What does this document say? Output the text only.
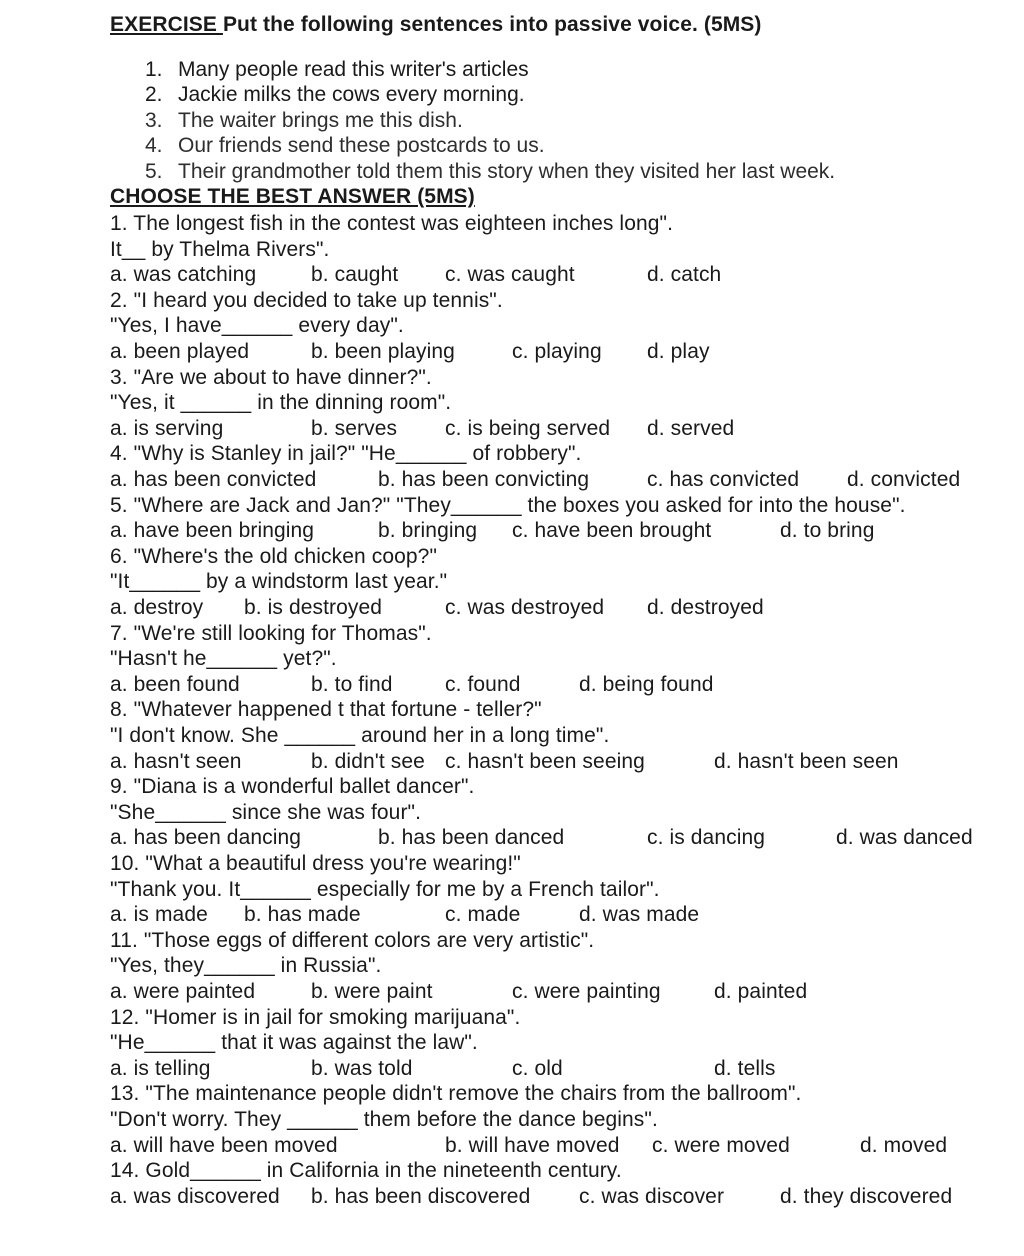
EXERCISE Put the following sentences into passive voice. (5MS)
1. Many people read this writer's articles
2. Jackie milks the cows every morning.
3. The waiter brings me this dish.
4. Our friends send these postcards to us.
5. Their grandmother told them this story when they visited her last week.
CHOOSE THE BEST ANSWER (5MS)
1. The longest fish in the contest was eighteen inches long".
It__ by Thelma Rivers".
a. was catching	b. caught c. was caught	d. catch
2. "I heard you decided to take up tennis".
"Yes, I have______ every day".
a. been played	b. been playing	c. playing d. play
3. "Are we about to have dinner?".
"Yes, it ______ in the dinning room".
a. is serving	b. serves c. is being served d. served
4. "Why is Stanley in jail?" "He______ of robbery".
a. has been convicted	b. has been convicting	c. has convicted d. convicted
5. "Where are Jack and Jan?" "They______ the boxes you asked for into the house".
a. have been bringing	b. bringing c. have been brought	d. to bring
6. "Where's the old chicken coop?"
"It______ by a windstorm last year."
a. destroy b. is destroyed	c. was destroyed d. destroyed
7. "We're still looking for Thomas".
"Hasn't he______ yet?".
a. been found	b. to find c. found	d. being found
8. "Whatever happened t that fortune - teller?"
"I don't know. She ______ around her in a long time".
a. hasn't seen	b. didn't see c. hasn't been seeing	d. hasn't been seen
9. "Diana is a wonderful ballet dancer".
"She______ since she was four".
a. has been dancing	b. has been danced	c. is dancing	d. was danced
10. "What a beautiful dress you're wearing!"
"Thank you. It______ especially for me by a French tailor".
a. is made b. has made	c. made	d. was made
11. "Those eggs of different colors are very artistic".
"Yes, they______ in Russia".
a. were painted	b. were paint	c. were painting	d. painted
12. "Homer is in jail for smoking marijuana".
"He______ that it was against the law".
a. is telling	b. was told	c. old	d. tells
13. "The maintenance people didn't remove the chairs from the ballroom".
"Don't worry. They ______ them before the dance begins".
a. will have been moved	b. will have moved c. were moved	d. moved
14. Gold______ in California in the nineteenth century.
a. was discovered b. has been discovered c. was discover	d. they discovered
